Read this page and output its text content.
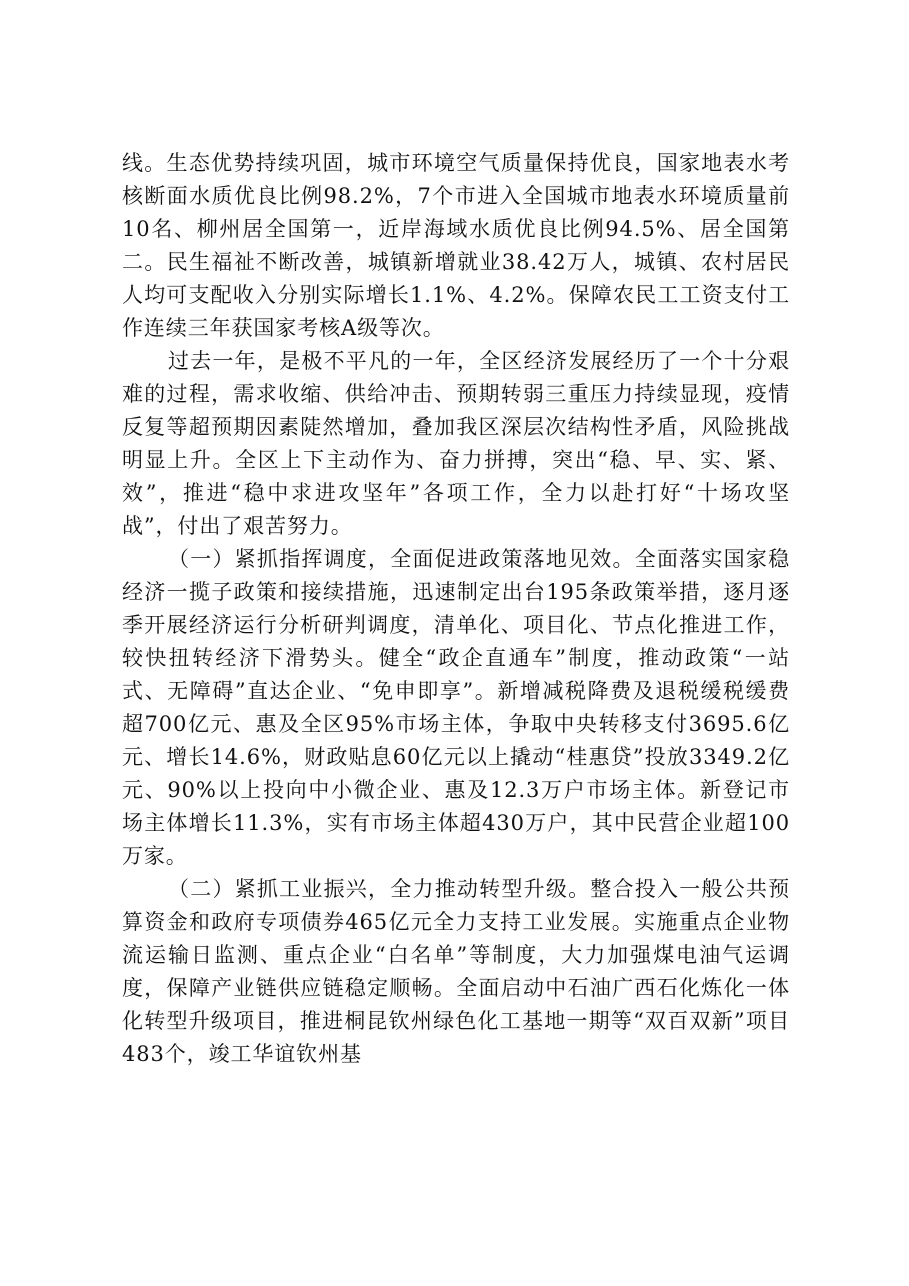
线。生态优势持续巩固，城市环境空气质量保持优良，国家地表水考核断面水质优良比例98.2%，7个市进入全国城市地表水环境质量前10名、柳州居全国第一，近岸海域水质优良比例94.5%、居全国第二。民生福祉不断改善，城镇新增就业38.42万人，城镇、农村居民人均可支配收入分别实际增长1.1%、4.2%。保障农民工工资支付工作连续三年获国家考核A级等次。

过去一年，是极不平凡的一年，全区经济发展经历了一个十分艰难的过程，需求收缩、供给冲击、预期转弱三重压力持续显现，疫情反复等超预期因素陡然增加，叠加我区深层次结构性矛盾，风险挑战明显上升。全区上下主动作为、奋力拼搏，突出“稳、早、实、紧、效”，推进“稳中求进攻坚年”各项工作，全力以赴打好“十场攻坚战”，付出了艰苦努力。

（一）紧抓指挥调度，全面促进政策落地见效。全面落实国家稳经济一揽子政策和接续措施，迅速制定出台195条政策举措，逐月逐季开展经济运行分析研判调度，清单化、项目化、节点化推进工作，较快扭转经济下滑势头。健全“政企直通车”制度，推动政策“一站式、无障碍”直达企业、“免申即享”。新增减税降费及退税缓税缓费超700亿元、惠及全区95%市场主体，争取中央转移支付3695.6亿元、增长14.6%，财政贴息60亿元以上撬动“桂惠贷”投放3349.2亿元、90%以上投向中小微企业、惠及12.3万户市场主体。新登记市场主体增长11.3%，实有市场主体超430万户，其中民营企业超100万家。

（二）紧抓工业振兴，全力推动转型升级。整合投入一般公共预算资金和政府专项债券465亿元全力支持工业发展。实施重点企业物流运输日监测、重点企业“白名单”等制度，大力加强煤电油气运调度，保障产业链供应链稳定顺畅。全面启动中石油广西石化炼化一体化转型升级项目，推进桐昆钦州绿色化工基地一期等“双百双新”项目483个，竣工华谊钦州基
